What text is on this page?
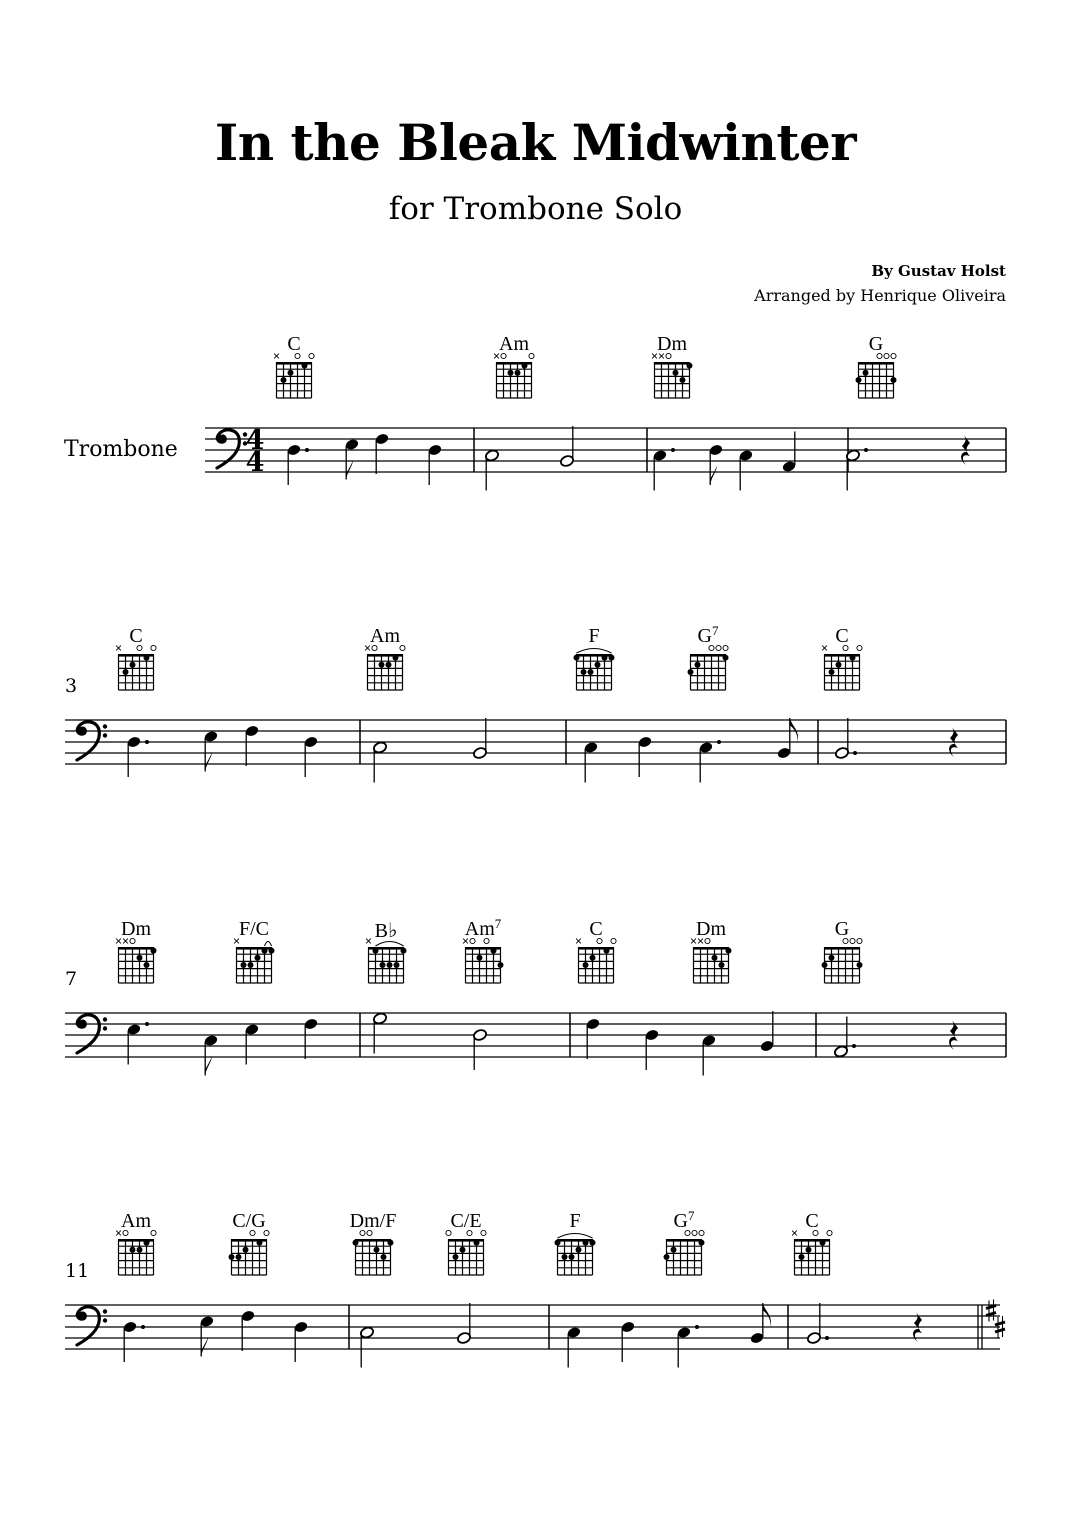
In the Bleak Midwinter
for Trombone Solo
By Gustav Holst
Arranged by Henrique Oliveira
Trombone
C	Am	Dm	G
C	Am	F	$G^7$	C
3
Dm	F/C	B♭	Am$^7$	C	Dm	G
7
Am	C/G	Dm/F	C/E	F	$G^7$	C
11
4
4
